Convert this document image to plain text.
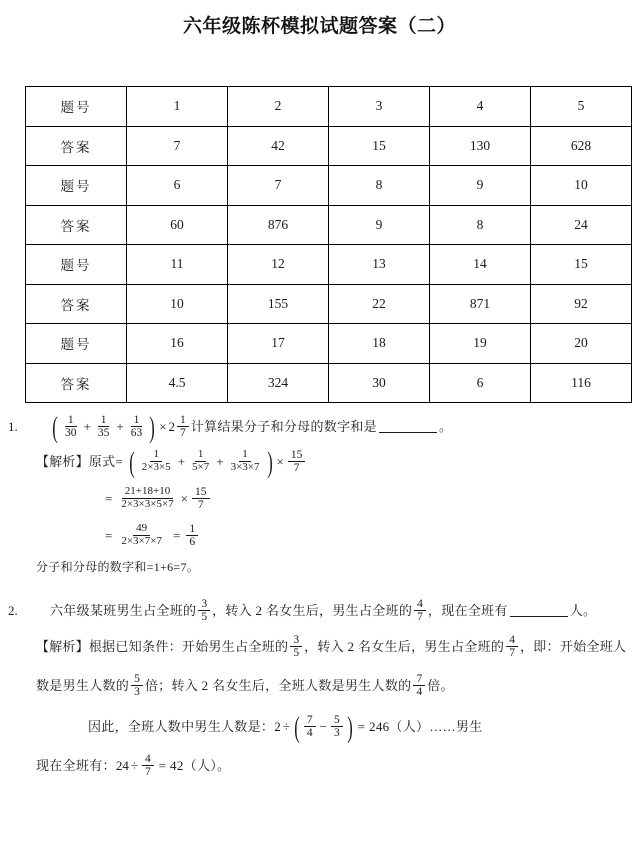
六年级陈杯模拟试题答案（二）
题号	1	2	3	4	5
答案	7	42	15	130	628
题号	6	7	8	9	10
答案	60	876	9	8	24
题号	11	12	13	14	15
答案	10	155	22	871	92
题号	16	17	18	19	20
答案	4.5	324	30	6	116
1.	( $\frac{1}{30} + \frac{1}{35} + \frac{1}{63}$ ) × $2 \frac{1}{7}$ 计算结果分子和分母的数字和是	。
【解析】 原式 = ( $\frac{1}{2\times 3\times 5} + \frac{1}{5\times 7} + \frac{1}{3\times 3\times 7}$ ) × $\frac{15}{7}$
= $\frac{21+18+10}{2\times 3\times 3\times 5\times 7} \times \frac{15}{7}$
= $\frac{49}{2\times 3\times 7\times 7} = \frac{1}{6}$
分子和分母的数字和=1+6=7。
2.	六年级某班男生占全班的 $\frac{3}{5}$ ，转入 2 名女生后，男生占全班的 $\frac{4}{7}$ ，现在全班有	人。
【解析】 根据已知条件：开始男生占全班的 $\frac{3}{5}$ ，转入 2 名女生后，男生占全班的 $\frac{4}{7}$ ，即：开始全班人
数是男生人数的 $\frac{5}{3}$ 倍；转入 2 名女生后，全班人数是男生人数的 $\frac{7}{4}$ 倍。
因此，全班人数中男生人数是： 2 ÷ ( $\frac{7}{4} - \frac{5}{3}$ ) = 246（人）……男生
现在全班有： $24 \div \frac{4}{7} = 42$（人）。
